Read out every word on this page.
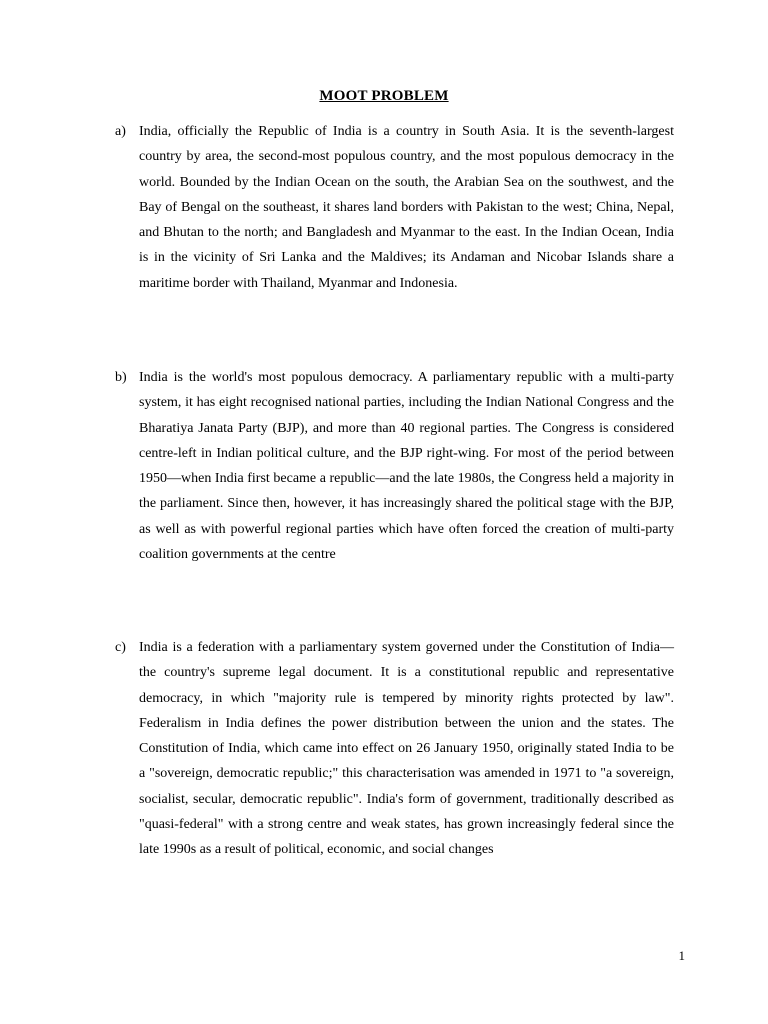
MOOT PROBLEM
a) India, officially the Republic of India is a country in South Asia. It is the seventh-largest country by area, the second-most populous country, and the most populous democracy in the world. Bounded by the Indian Ocean on the south, the Arabian Sea on the southwest, and the Bay of Bengal on the southeast, it shares land borders with Pakistan to the west; China, Nepal, and Bhutan to the north; and Bangladesh and Myanmar to the east. In the Indian Ocean, India is in the vicinity of Sri Lanka and the Maldives; its Andaman and Nicobar Islands share a maritime border with Thailand, Myanmar and Indonesia.

b) India is the world's most populous democracy. A parliamentary republic with a multi-party system, it has eight recognised national parties, including the Indian National Congress and the Bharatiya Janata Party (BJP), and more than 40 regional parties. The Congress is considered centre-left in Indian political culture, and the BJP right-wing. For most of the period between 1950—when India first became a republic—and the late 1980s, the Congress held a majority in the parliament. Since then, however, it has increasingly shared the political stage with the BJP, as well as with powerful regional parties which have often forced the creation of multi-party coalition governments at the centre

c) India is a federation with a parliamentary system governed under the Constitution of India—the country's supreme legal document. It is a constitutional republic and representative democracy, in which "majority rule is tempered by minority rights protected by law". Federalism in India defines the power distribution between the union and the states. The Constitution of India, which came into effect on 26 January 1950, originally stated India to be a "sovereign, democratic republic;" this characterisation was amended in 1971 to "a sovereign, socialist, secular, democratic republic". India's form of government, traditionally described as "quasi-federal" with a strong centre and weak states, has grown increasingly federal since the late 1990s as a result of political, economic, and social changes

1
